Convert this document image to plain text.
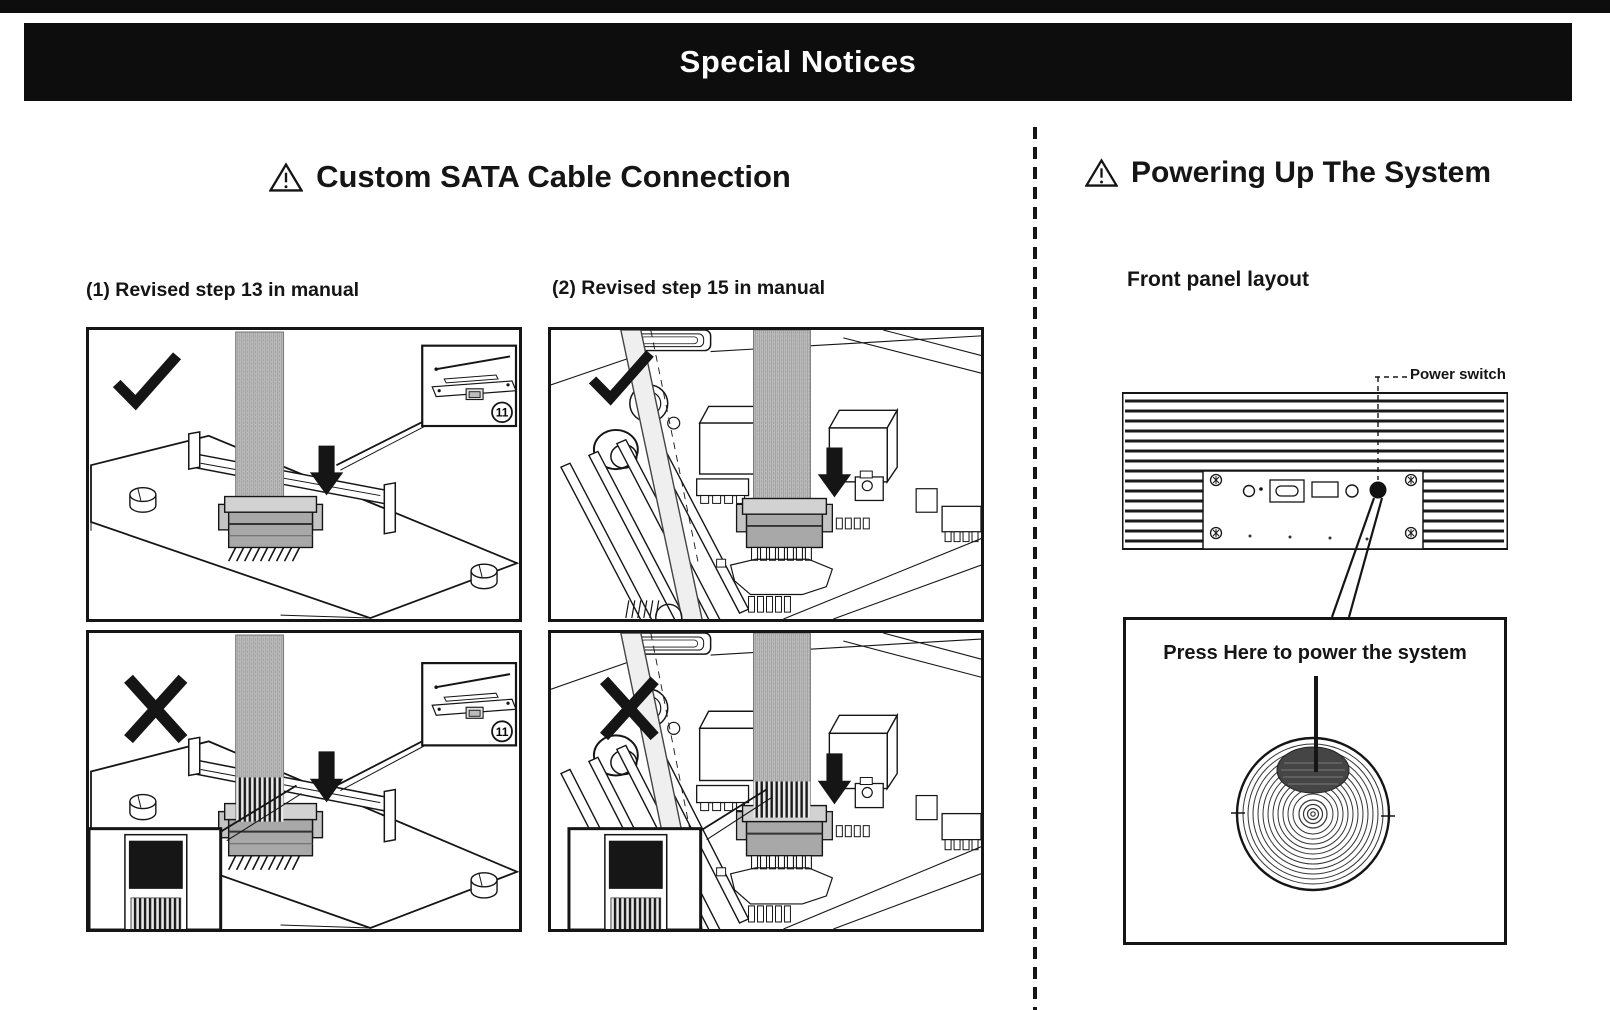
Special Notices
Custom SATA Cable Connection
(1) Revised step 13 in manual	(2) Revised step 15 in manual
11
11
Powering Up The System
Front panel layout
Power switch
Press Here to power the system
